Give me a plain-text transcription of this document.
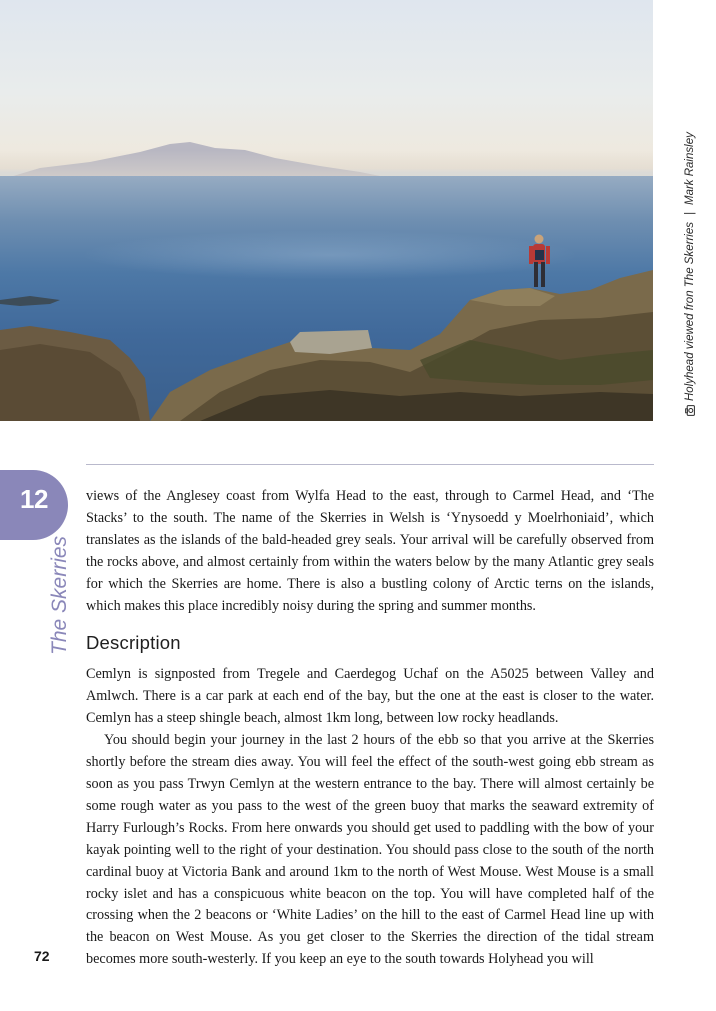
Holyhead viewed fron The Skerries
|
Mark Rainsley
12
The Skerries

views of the Anglesey coast from Wylfa Head to the east, through to Carmel Head, and ‘The Stacks’ to the south. The name of the Skerries in Welsh is ‘Ynysoedd y Moelrhoniaid’, which translates as the islands of the bald-headed grey seals. Your arrival will be carefully observed from the rocks above, and almost certainly from within the waters below by the many Atlantic grey seals for which the Skerries are home. There is also a bustling colony of Arctic terns on the islands, which makes this place incredibly noisy during the spring and summer months.

Description

Cemlyn is signposted from Tregele and Caerdegog Uchaf on the A5025 between Valley and Amlwch. There is a car park at each end of the bay, but the one at the east is closer to the water. Cemlyn has a steep shingle beach, almost 1km long, between low rocky headlands.

You should begin your journey in the last 2 hours of the ebb so that you arrive at the Skerries shortly before the stream dies away. You will feel the effect of the south-west going ebb stream as soon as you pass Trwyn Cemlyn at the western entrance to the bay. There will almost certainly be some rough water as you pass to the west of the green buoy that marks the seaward extremity of Harry Furlough’s Rocks. From here onwards you should get used to paddling with the bow of your kayak pointing well to the right of your destination. You should pass close to the south of the north cardinal buoy at Victoria Bank and around 1km to the north of West Mouse. West Mouse is a small rocky islet and has a conspicuous white beacon on the top. You will have completed half of the crossing when the 2 beacons or ‘White Ladies’ on the hill to the east of Carmel Head line up with the beacon on West Mouse. As you get closer to the Skerries the direction of the tidal stream becomes more south-westerly. If you keep an eye to the south towards Holyhead you will

72
